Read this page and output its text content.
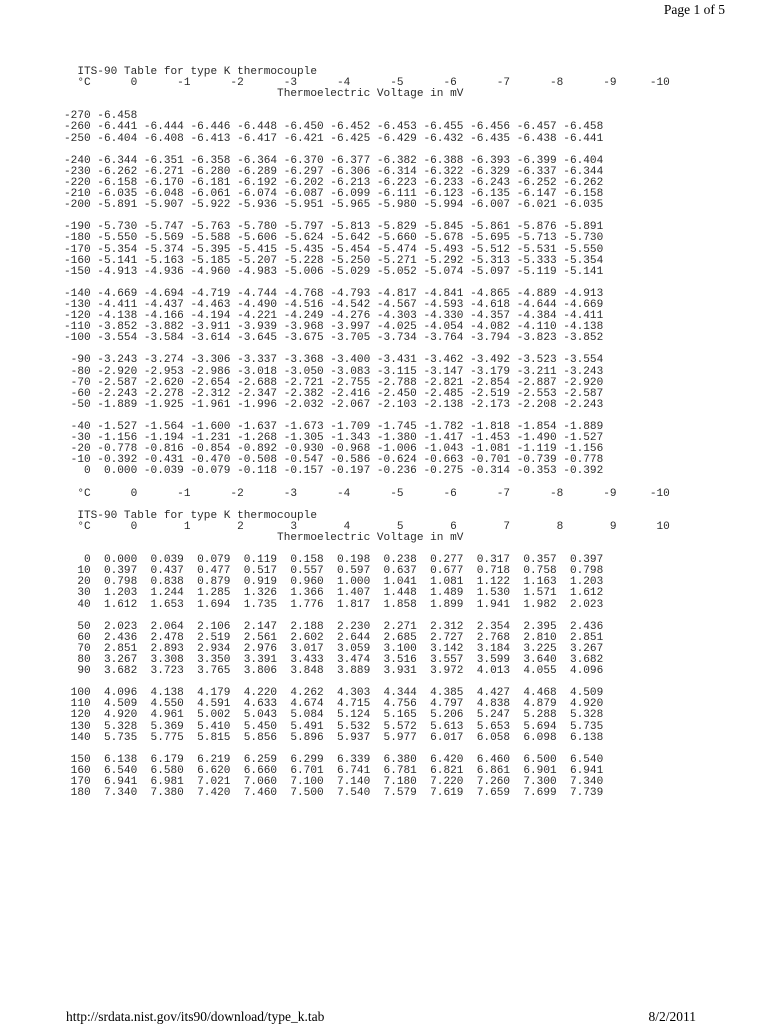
Page 1 of 5
ITS-90 Table for type K thermocouple
°C      0      -1      -2      -3      -4      -5      -6      -7      -8      -9     -10
Thermoelectric Voltage in mV
-270 -6.458
-260 -6.441 -6.444 -6.446 -6.448 -6.450 -6.452 -6.453 -6.455 -6.456 -6.457 -6.458
-250 -6.404 -6.408 -6.413 -6.417 -6.421 -6.425 -6.429 -6.432 -6.435 -6.438 -6.441
-240 -6.344 -6.351 -6.358 -6.364 -6.370 -6.377 -6.382 -6.388 -6.393 -6.399 -6.404
-230 -6.262 -6.271 -6.280 -6.289 -6.297 -6.306 -6.314 -6.322 -6.329 -6.337 -6.344
-220 -6.158 -6.170 -6.181 -6.192 -6.202 -6.213 -6.223 -6.233 -6.243 -6.252 -6.262
-210 -6.035 -6.048 -6.061 -6.074 -6.087 -6.099 -6.111 -6.123 -6.135 -6.147 -6.158
-200 -5.891 -5.907 -5.922 -5.936 -5.951 -5.965 -5.980 -5.994 -6.007 -6.021 -6.035
-190 -5.730 -5.747 -5.763 -5.780 -5.797 -5.813 -5.829 -5.845 -5.861 -5.876 -5.891
-180 -5.550 -5.569 -5.588 -5.606 -5.624 -5.642 -5.660 -5.678 -5.695 -5.713 -5.730
-170 -5.354 -5.374 -5.395 -5.415 -5.435 -5.454 -5.474 -5.493 -5.512 -5.531 -5.550
-160 -5.141 -5.163 -5.185 -5.207 -5.228 -5.250 -5.271 -5.292 -5.313 -5.333 -5.354
-150 -4.913 -4.936 -4.960 -4.983 -5.006 -5.029 -5.052 -5.074 -5.097 -5.119 -5.141
-140 -4.669 -4.694 -4.719 -4.744 -4.768 -4.793 -4.817 -4.841 -4.865 -4.889 -4.913
-130 -4.411 -4.437 -4.463 -4.490 -4.516 -4.542 -4.567 -4.593 -4.618 -4.644 -4.669
-120 -4.138 -4.166 -4.194 -4.221 -4.249 -4.276 -4.303 -4.330 -4.357 -4.384 -4.411
-110 -3.852 -3.882 -3.911 -3.939 -3.968 -3.997 -4.025 -4.054 -4.082 -4.110 -4.138
-100 -3.554 -3.584 -3.614 -3.645 -3.675 -3.705 -3.734 -3.764 -3.794 -3.823 -3.852
-90 -3.243 -3.274 -3.306 -3.337 -3.368 -3.400 -3.431 -3.462 -3.492 -3.523 -3.554
-80 -2.920 -2.953 -2.986 -3.018 -3.050 -3.083 -3.115 -3.147 -3.179 -3.211 -3.243
-70 -2.587 -2.620 -2.654 -2.688 -2.721 -2.755 -2.788 -2.821 -2.854 -2.887 -2.920
-60 -2.243 -2.278 -2.312 -2.347 -2.382 -2.416 -2.450 -2.485 -2.519 -2.553 -2.587
-50 -1.889 -1.925 -1.961 -1.996 -2.032 -2.067 -2.103 -2.138 -2.173 -2.208 -2.243
-40 -1.527 -1.564 -1.600 -1.637 -1.673 -1.709 -1.745 -1.782 -1.818 -1.854 -1.889
-30 -1.156 -1.194 -1.231 -1.268 -1.305 -1.343 -1.380 -1.417 -1.453 -1.490 -1.527
-20 -0.778 -0.816 -0.854 -0.892 -0.930 -0.968 -1.006 -1.043 -1.081 -1.119 -1.156
-10 -0.392 -0.431 -0.470 -0.508 -0.547 -0.586 -0.624 -0.663 -0.701 -0.739 -0.778
0  0.000 -0.039 -0.079 -0.118 -0.157 -0.197 -0.236 -0.275 -0.314 -0.353 -0.392
°C      0      -1      -2      -3      -4      -5      -6      -7      -8      -9     -10
ITS-90 Table for type K thermocouple
°C      0       1       2       3       4       5       6       7       8       9      10
Thermoelectric Voltage in mV
0  0.000  0.039  0.079  0.119  0.158  0.198  0.238  0.277  0.317  0.357  0.397
10  0.397  0.437  0.477  0.517  0.557  0.597  0.637  0.677  0.718  0.758  0.798
20  0.798  0.838  0.879  0.919  0.960  1.000  1.041  1.081  1.122  1.163  1.203
30  1.203  1.244  1.285  1.326  1.366  1.407  1.448  1.489  1.530  1.571  1.612
40  1.612  1.653  1.694  1.735  1.776  1.817  1.858  1.899  1.941  1.982  2.023
50  2.023  2.064  2.106  2.147  2.188  2.230  2.271  2.312  2.354  2.395  2.436
60  2.436  2.478  2.519  2.561  2.602  2.644  2.685  2.727  2.768  2.810  2.851
70  2.851  2.893  2.934  2.976  3.017  3.059  3.100  3.142  3.184  3.225  3.267
80  3.267  3.308  3.350  3.391  3.433  3.474  3.516  3.557  3.599  3.640  3.682
90  3.682  3.723  3.765  3.806  3.848  3.889  3.931  3.972  4.013  4.055  4.096
100  4.096  4.138  4.179  4.220  4.262  4.303  4.344  4.385  4.427  4.468  4.509
110  4.509  4.550  4.591  4.633  4.674  4.715  4.756  4.797  4.838  4.879  4.920
120  4.920  4.961  5.002  5.043  5.084  5.124  5.165  5.206  5.247  5.288  5.328
130  5.328  5.369  5.410  5.450  5.491  5.532  5.572  5.613  5.653  5.694  5.735
140  5.735  5.775  5.815  5.856  5.896  5.937  5.977  6.017  6.058  6.098  6.138
150  6.138  6.179  6.219  6.259  6.299  6.339  6.380  6.420  6.460  6.500  6.540
160  6.540  6.580  6.620  6.660  6.701  6.741  6.781  6.821  6.861  6.901  6.941
170  6.941  6.981  7.021  7.060  7.100  7.140  7.180  7.220  7.260  7.300  7.340
180  7.340  7.380  7.420  7.460  7.500  7.540  7.579  7.619  7.659  7.699  7.739
http://srdata.nist.gov/its90/download/type_k.tab	8/2/2011
